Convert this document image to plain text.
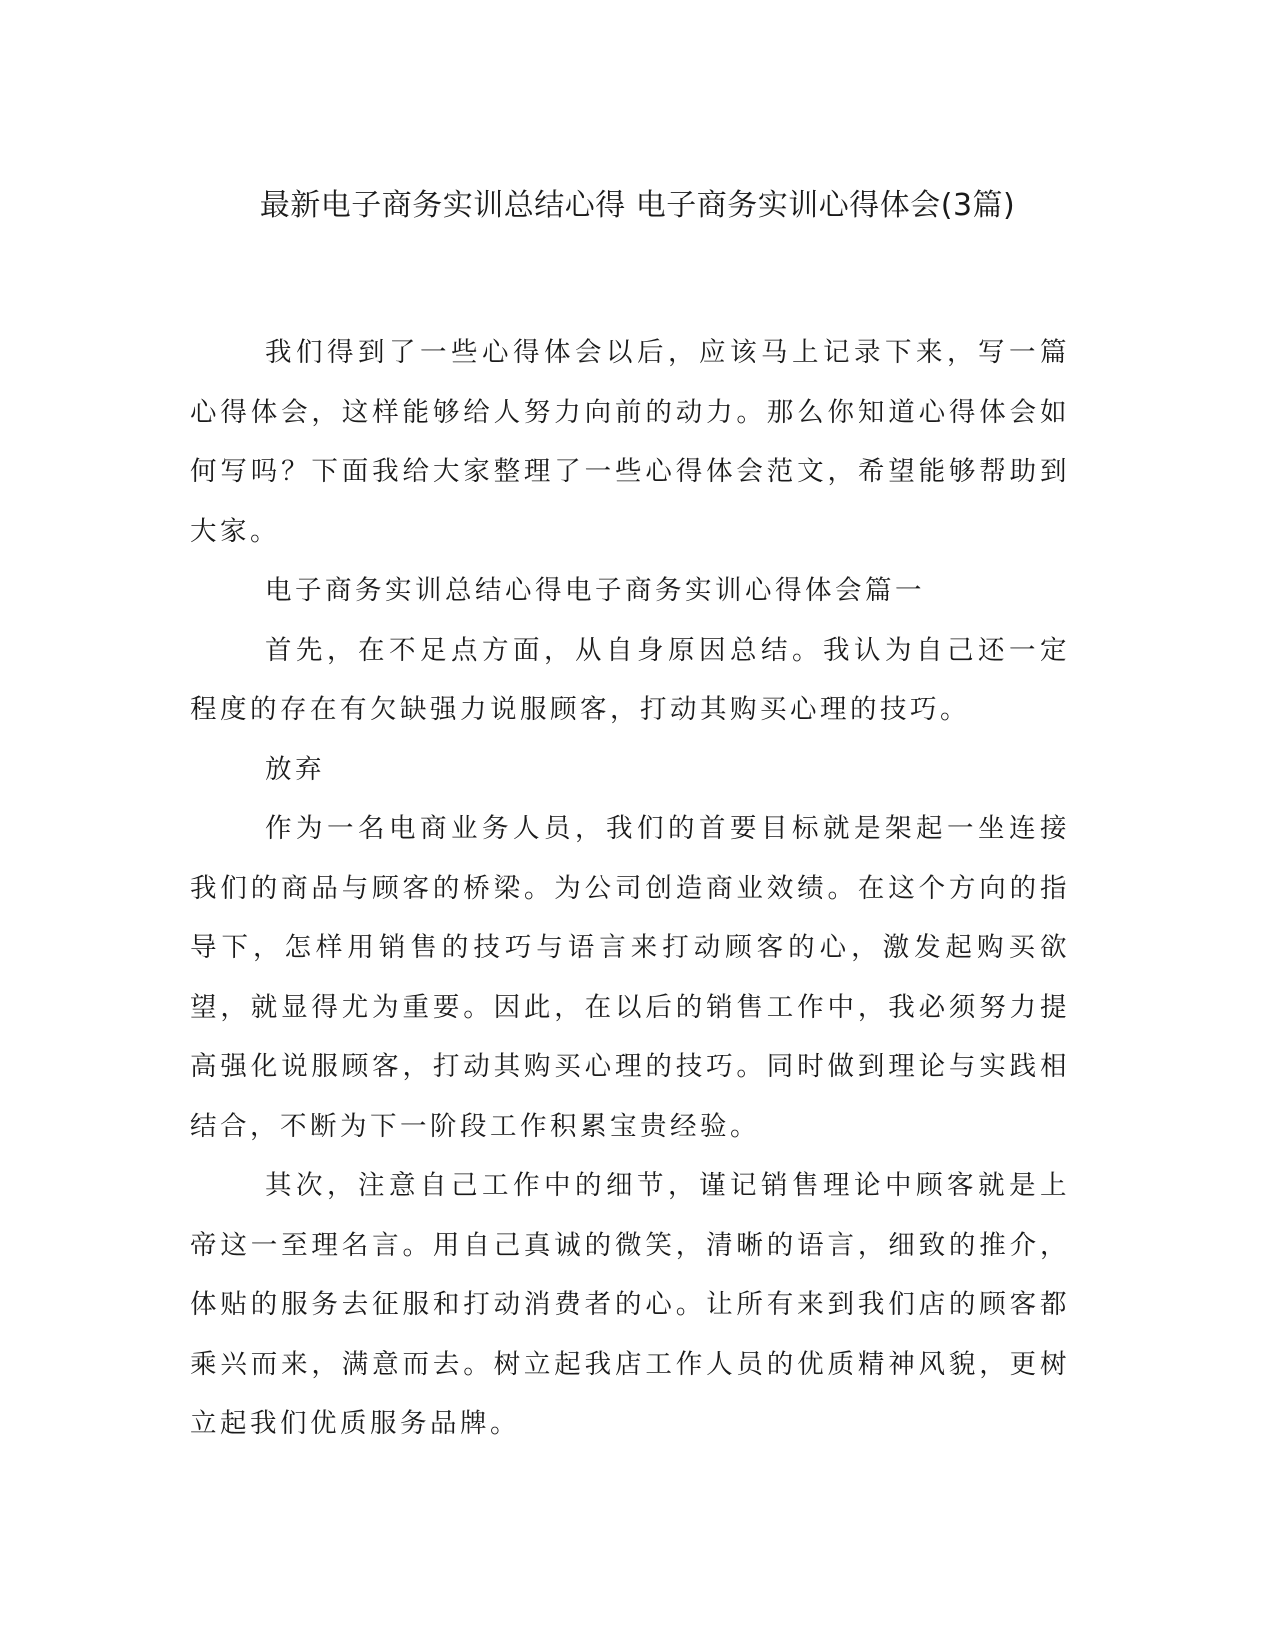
最新电子商务实训总结心得 电子商务实训心得体会(3篇)

我们得到了一些心得体会以后，应该马上记录下来，写一篇心得体会，这样能够给人努力向前的动力。那么你知道心得体会如何写吗？下面我给大家整理了一些心得体会范文，希望能够帮助到大家。

电子商务实训总结心得电子商务实训心得体会篇一

首先，在不足点方面，从自身原因总结。我认为自己还一定程度的存在有欠缺强力说服顾客，打动其购买心理的技巧。

放弃

作为一名电商业务人员，我们的首要目标就是架起一坐连接我们的商品与顾客的桥梁。为公司创造商业效绩。在这个方向的指导下，怎样用销售的技巧与语言来打动顾客的心，激发起购买欲望，就显得尤为重要。因此，在以后的销售工作中，我必须努力提高强化说服顾客，打动其购买心理的技巧。同时做到理论与实践相结合，不断为下一阶段工作积累宝贵经验。

其次，注意自己工作中的细节，谨记销售理论中顾客就是上帝这一至理名言。用自己真诚的微笑，清晰的语言，细致的推介，体贴的服务去征服和打动消费者的心。让所有来到我们店的顾客都乘兴而来，满意而去。树立起我店工作人员的优质精神风貌，更树立起我们优质服务品牌。
